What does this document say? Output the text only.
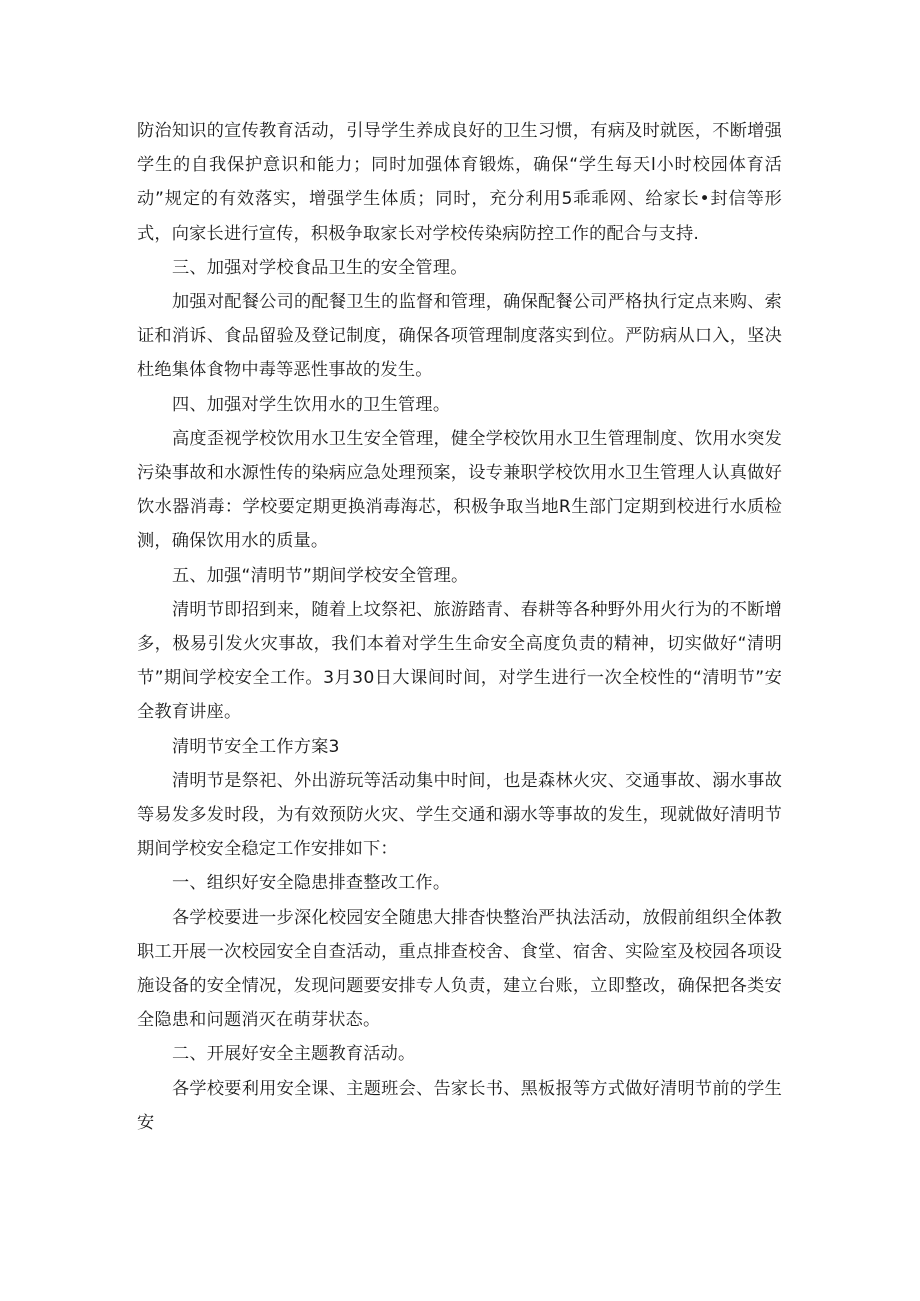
防治知识的宣传教育活动，引导学生养成良好的卫生习惯，有病及时就医，不断增强学生的自我保护意识和能力；同时加强体育锻炼，确保“学生每天l小时校园体育活动”规定的有效落实，增强学生体质；同时，充分利用5乖乖网、给家长•封信等形式，向家长进行宣传，积极争取家长对学校传染病防控工作的配合与支持.

三、加强对学校食品卫生的安全管理。

加强对配餐公司的配餐卫生的监督和管理，确保配餐公司严格执行定点来购、索证和消诉、食品留验及登记制度，确保各项管理制度落实到位。严防病从口入，坚决杜绝集体食物中毒等恶性事故的发生。

四、加强对学生饮用水的卫生管理。

高度歪视学校饮用水卫生安全管理，健全学校饮用水卫生管理制度、饮用水突发污染事故和水源性传的染病应急处理预案，设专兼职学校饮用水卫生管理人认真做好饮水器消毒：学校要定期更换消毒海芯，积极争取当地R生部门定期到校进行水质检测，确保饮用水的质量。

五、加强“清明节”期间学校安全管理。

清明节即招到来，随着上坟祭祀、旅游踏青、春耕等各种野外用火行为的不断增多，极易引发火灾事故，我们本着对学生生命安全高度负责的精神，切实做好“清明节”期间学校安全工作。3月30日大课间时间，对学生进行一次全校性的“清明节”安全教育讲座。

清明节安全工作方案3

清明节是祭祀、外出游玩等活动集中时间，也是森林火灾、交通事故、溺水事故等易发多发时段，为有效预防火灾、学生交通和溺水等事故的发生，现就做好清明节期间学校安全稳定工作安排如下：

一、组织好安全隐患排查整改工作。

各学校要进一步深化校园安全随患大排杳快整治严执法活动，放假前组织全体教职工开展一次校园安全自查活动，重点排查校舍、食堂、宿舍、实险室及校园各项设施设备的安全情况，发现问题要安排专人负责，建立台账，立即整改，确保把各类安全隐患和问题消灭在萌芽状态。

二、开展好安全主题教育活动。

各学校要利用安全课、主题班会、告家长书、黑板报等方式做好清明节前的学生安
